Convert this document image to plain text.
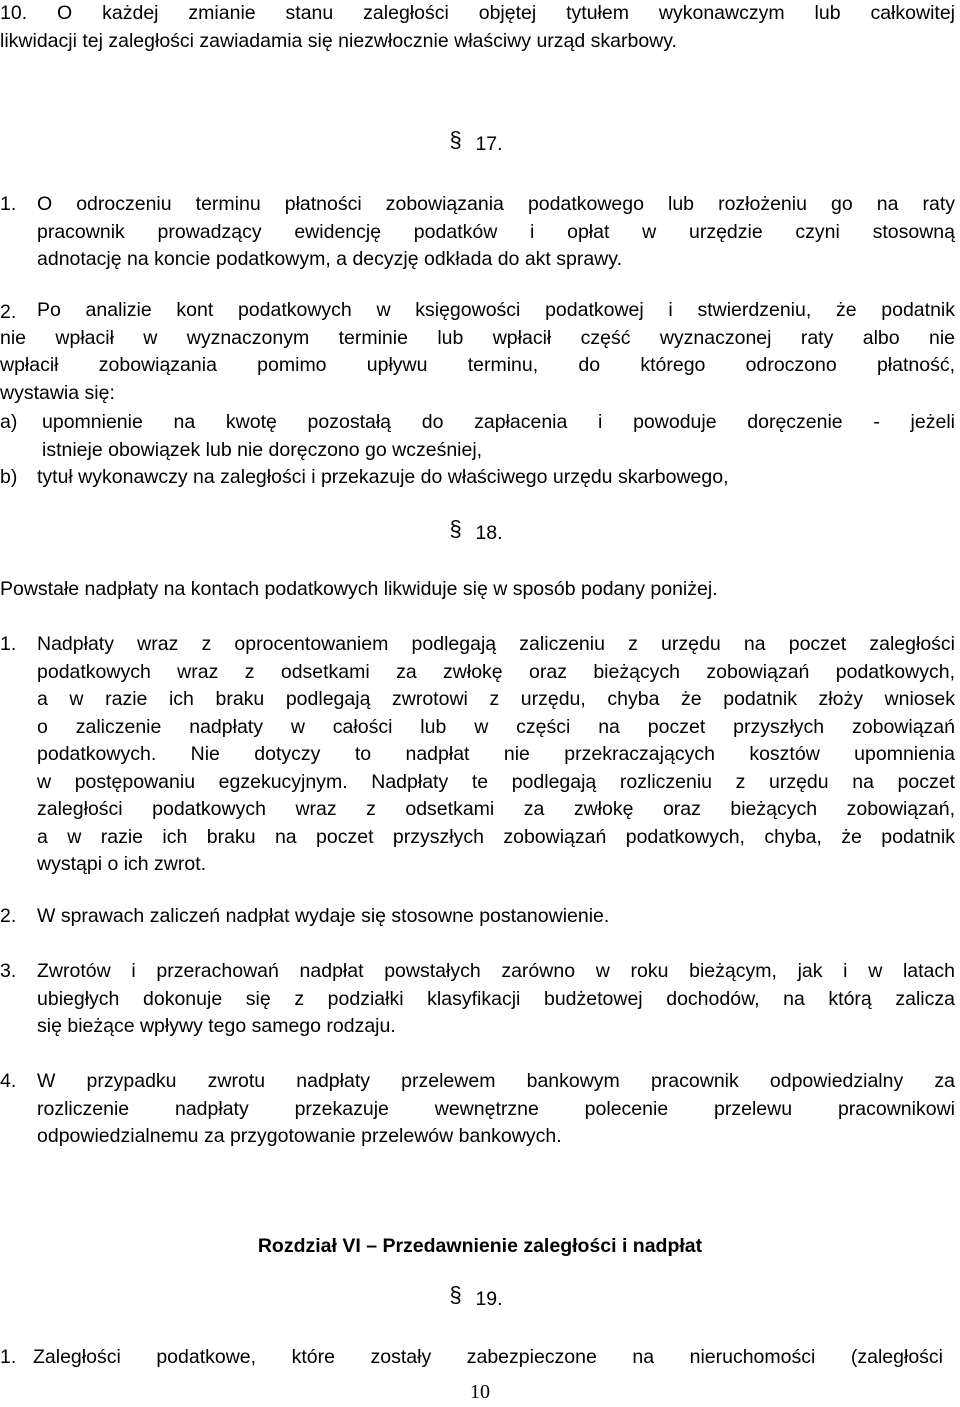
10. O każdej zmianie stanu zaległości objętej tytułem wykonawczym lub całkowitej
likwidacji tej zaległości zawiadamia się niezwłocznie właściwy urząd skarbowy.
§ 17.
1. O odroczeniu terminu płatności zobowiązania podatkowego lub rozłożeniu go na raty
pracownik prowadzący ewidencję podatków i opłat w urzędzie czyni stosowną
adnotację na koncie podatkowym, a decyzję odkłada do akt sprawy.
2.	Po analizie kont podatkowych w księgowości podatkowej i stwierdzeniu, że podatnik
nie wpłacił w wyznaczonym terminie lub wpłacił część wyznaczonej raty albo nie
wpłacił zobowiązania pomimo upływu terminu, do którego odroczono płatność,
wystawia się:
a) upomnienie na kwotę pozostałą do zapłacenia i powoduje doręczenie - jeżeli
istnieje obowiązek lub nie doręczono go wcześniej,
b) tytuł wykonawczy na zaległości i przekazuje do właściwego urzędu skarbowego,
§ 18.
Powstałe nadpłaty na kontach podatkowych likwiduje się w sposób podany poniżej.
1. Nadpłaty wraz z oprocentowaniem podlegają zaliczeniu z urzędu na poczet zaległości
podatkowych wraz z odsetkami za zwłokę oraz bieżących zobowiązań podatkowych,
a w razie ich braku podlegają zwrotowi z urzędu, chyba że podatnik złoży wniosek
o zaliczenie nadpłaty w całości lub w części na poczet przyszłych zobowiązań
podatkowych. Nie dotyczy to nadpłat nie przekraczających kosztów upomnienia
w postępowaniu egzekucyjnym. Nadpłaty te podlegają rozliczeniu z urzędu na poczet
zaległości podatkowych wraz z odsetkami za zwłokę oraz bieżących zobowiązań,
a w razie ich braku na poczet przyszłych zobowiązań podatkowych, chyba, że podatnik
wystąpi o ich zwrot.
2. W sprawach zaliczeń nadpłat wydaje się stosowne postanowienie.
3. Zwrotów i przerachowań nadpłat powstałych zarówno w roku bieżącym, jak i w latach
ubiegłych dokonuje się z podziałki klasyfikacji budżetowej dochodów, na którą zalicza
się bieżące wpływy tego samego rodzaju.
4. W przypadku zwrotu nadpłaty przelewem bankowym pracownik odpowiedzialny za
rozliczenie nadpłaty przekazuje wewnętrzne polecenie przelewu pracownikowi
odpowiedzialnemu za przygotowanie przelewów bankowych.
Rozdział VI – Przedawnienie zaległości i nadpłat
§ 19.
1. Zaległości podatkowe, które zostały zabezpieczone na nieruchomości (zaległości
10
